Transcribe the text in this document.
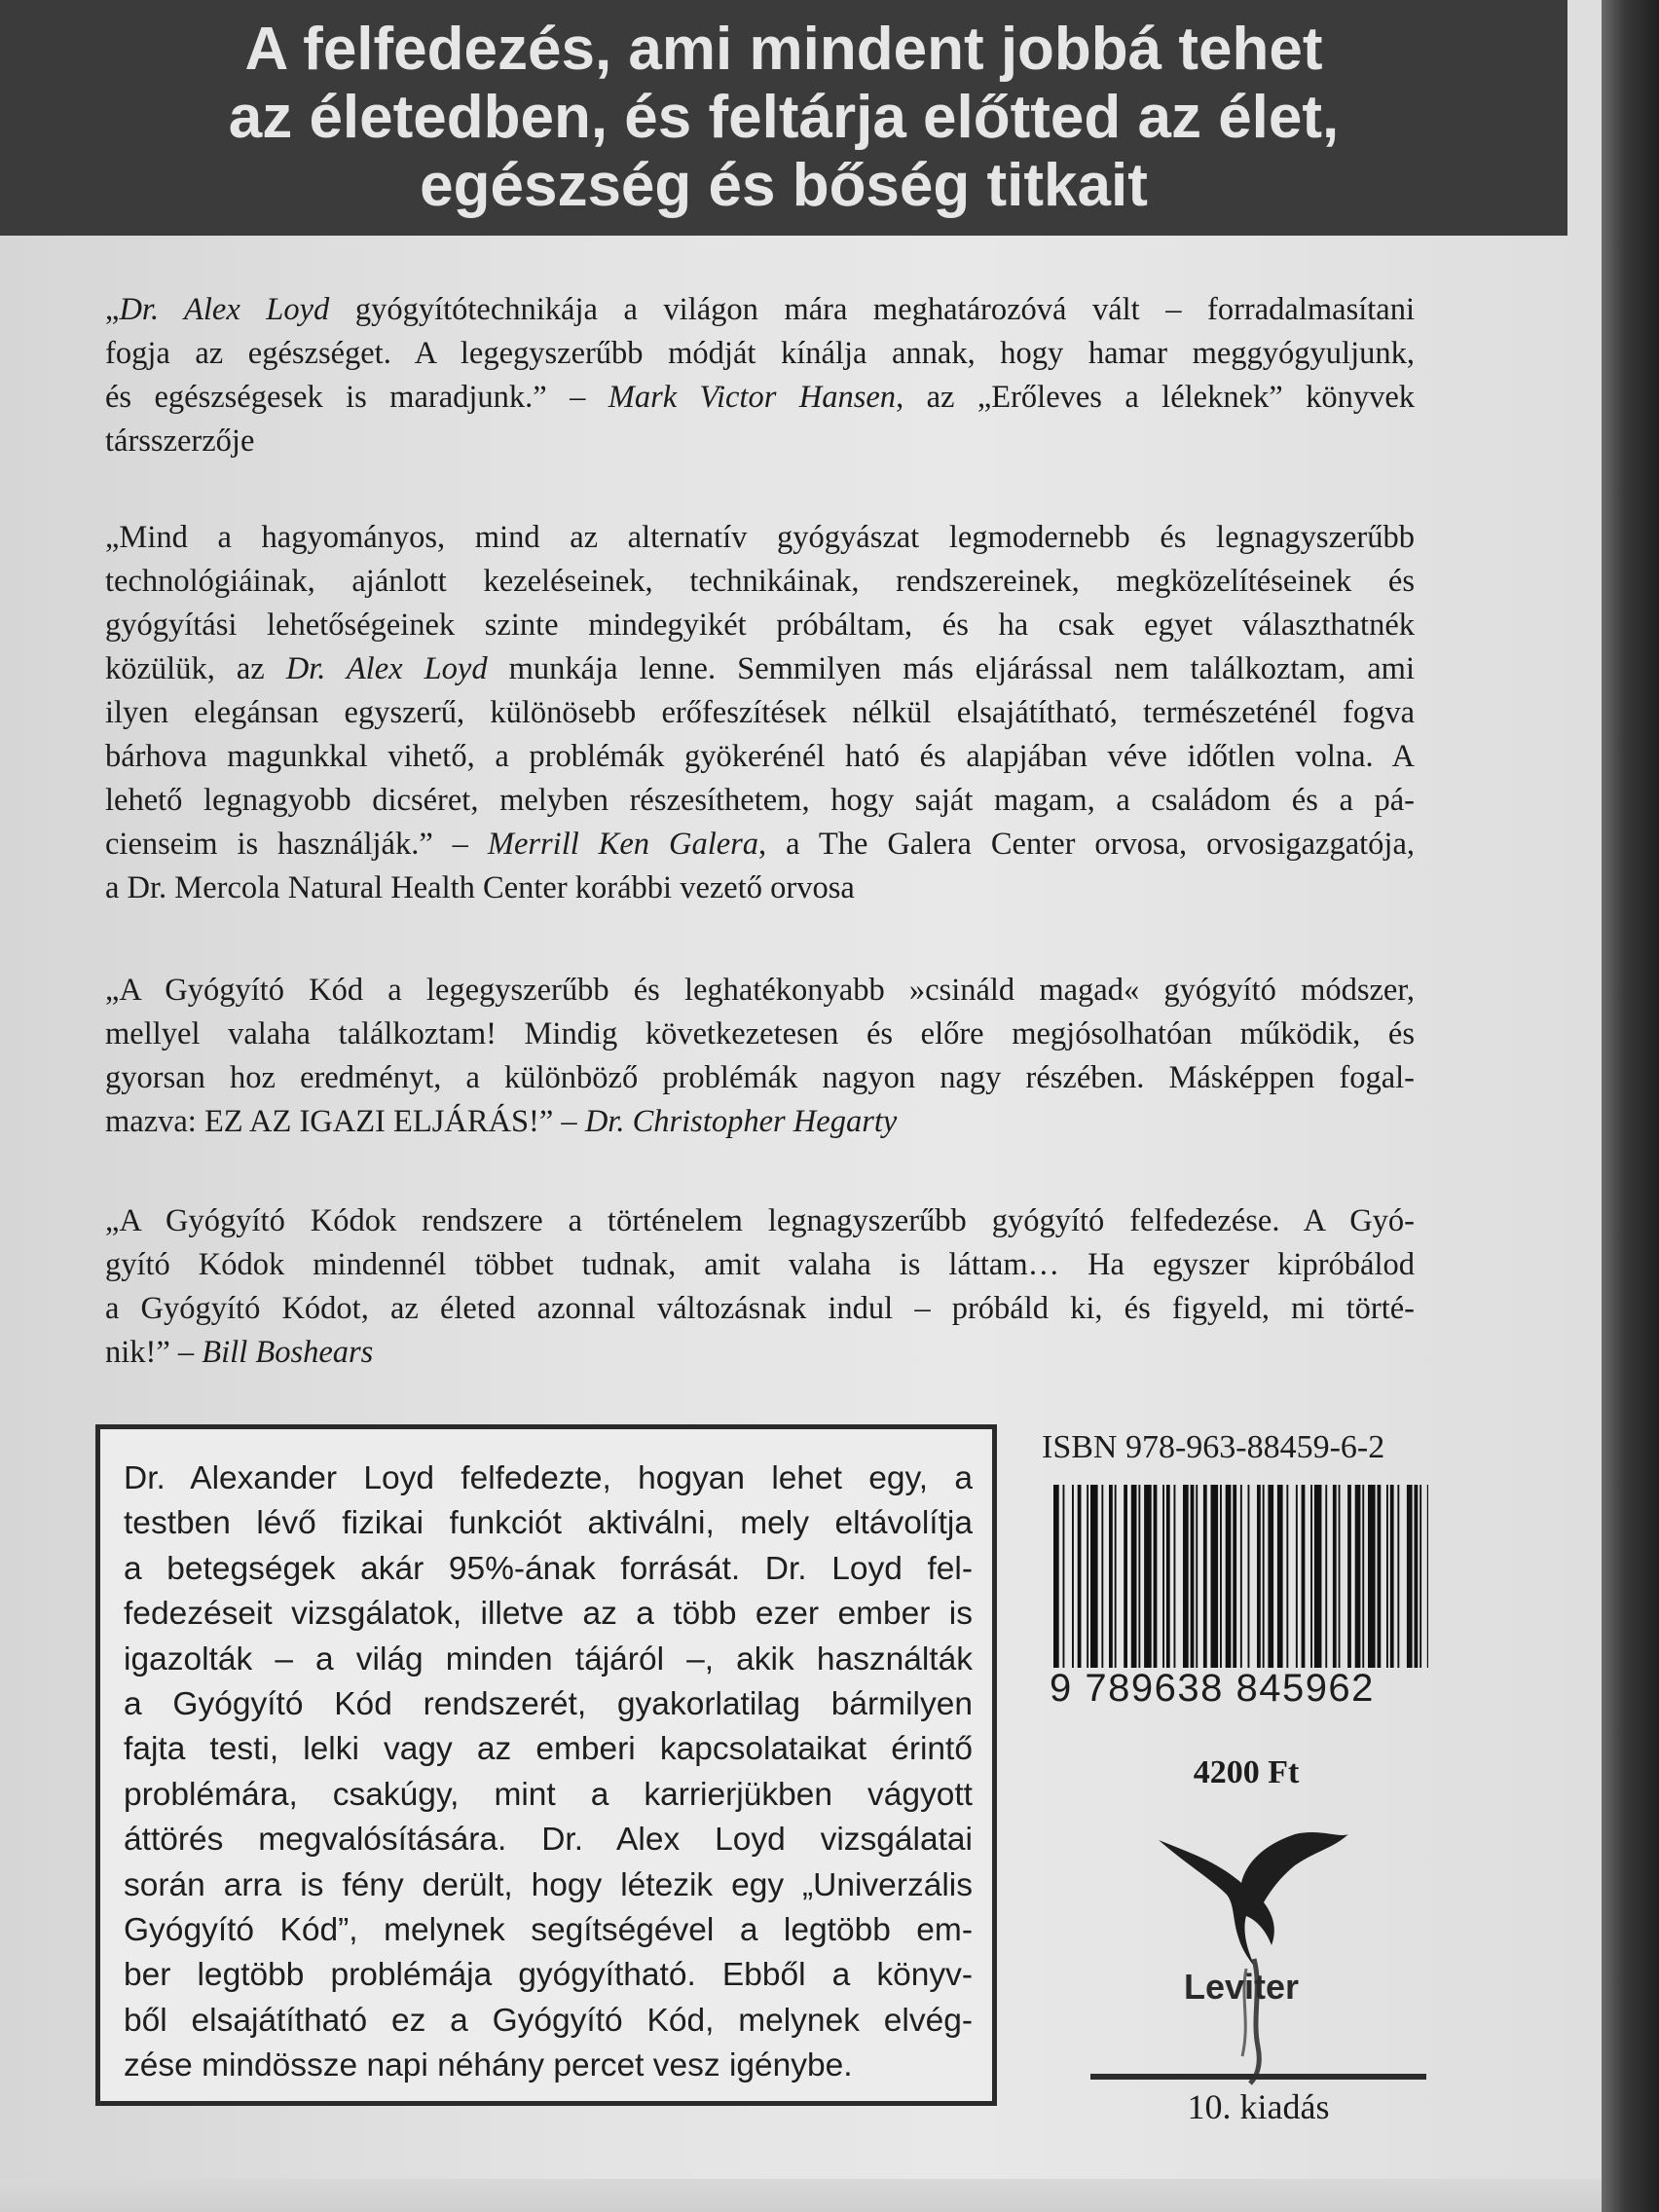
A felfedezés, ami mindent jobbá tehet
az életedben, és feltárja előtted az élet,
egészség és bőség titkait
„Dr. Alex Loyd gyógyítótechnikája a világon mára meghatározóvá vált – forradalmasítani
fogja az egészséget. A legegyszerűbb módját kínálja annak, hogy hamar meggyógyuljunk,
és egészségesek is maradjunk.” – Mark Victor Hansen, az „Erőleves a léleknek” könyvek
társszerzője
„Mind a hagyományos, mind az alternatív gyógyászat legmodernebb és legnagyszerűbb
technológiáinak, ajánlott kezeléseinek, technikáinak, rendszereinek, megközelítéseinek és
gyógyítási lehetőségeinek szinte mindegyikét próbáltam, és ha csak egyet választhatnék
közülük, az Dr. Alex Loyd munkája lenne. Semmilyen más eljárással nem találkoztam, ami
ilyen elegánsan egyszerű, különösebb erőfeszítések nélkül elsajátítható, természeténél fogva
bárhova magunkkal vihető, a problémák gyökerénél ható és alapjában véve időtlen volna. A
lehető legnagyobb dicséret, melyben részesíthetem, hogy saját magam, a családom és a pá-
cienseim is használják.” – Merrill Ken Galera, a The Galera Center orvosa, orvosigazgatója,
a Dr. Mercola Natural Health Center korábbi vezető orvosa
„A Gyógyító Kód a legegyszerűbb és leghatékonyabb »csináld magad« gyógyító módszer,
mellyel valaha találkoztam! Mindig következetesen és előre megjósolhatóan működik, és
gyorsan hoz eredményt, a különböző problémák nagyon nagy részében. Másképpen fogal-
mazva: EZ AZ IGAZI ELJÁRÁS!” – Dr. Christopher Hegarty
„A Gyógyító Kódok rendszere a történelem legnagyszerűbb gyógyító felfedezése. A Gyó-
gyító Kódok mindennél többet tudnak, amit valaha is láttam… Ha egyszer kipróbálod
a Gyógyító Kódot, az életed azonnal változásnak indul – próbáld ki, és figyeld, mi törté-
nik!” – Bill Boshears
Dr. Alexander Loyd felfedezte, hogyan lehet egy, a
testben lévő fizikai funkciót aktiválni, mely eltávolítja
a betegségek akár 95%-ának forrását. Dr. Loyd fel-
fedezéseit vizsgálatok, illetve az a több ezer ember is
igazolták – a világ minden tájáról –, akik használták
a Gyógyító Kód rendszerét, gyakorlatilag bármilyen
fajta testi, lelki vagy az emberi kapcsolataikat érintő
problémára, csakúgy, mint a karrierjükben vágyott
áttörés megvalósítására. Dr. Alex Loyd vizsgálatai
során arra is fény derült, hogy létezik egy „Univerzális
Gyógyító Kód”, melynek segítségével a legtöbb em-
ber legtöbb problémája gyógyítható. Ebből a könyv-
ből elsajátítható ez a Gyógyító Kód, melynek elvég-
zése mindössze napi néhány percet vesz igénybe.
ISBN 978-963-88459-6-2
9 789638 845962
4200 Ft
Leviter
10. kiadás
